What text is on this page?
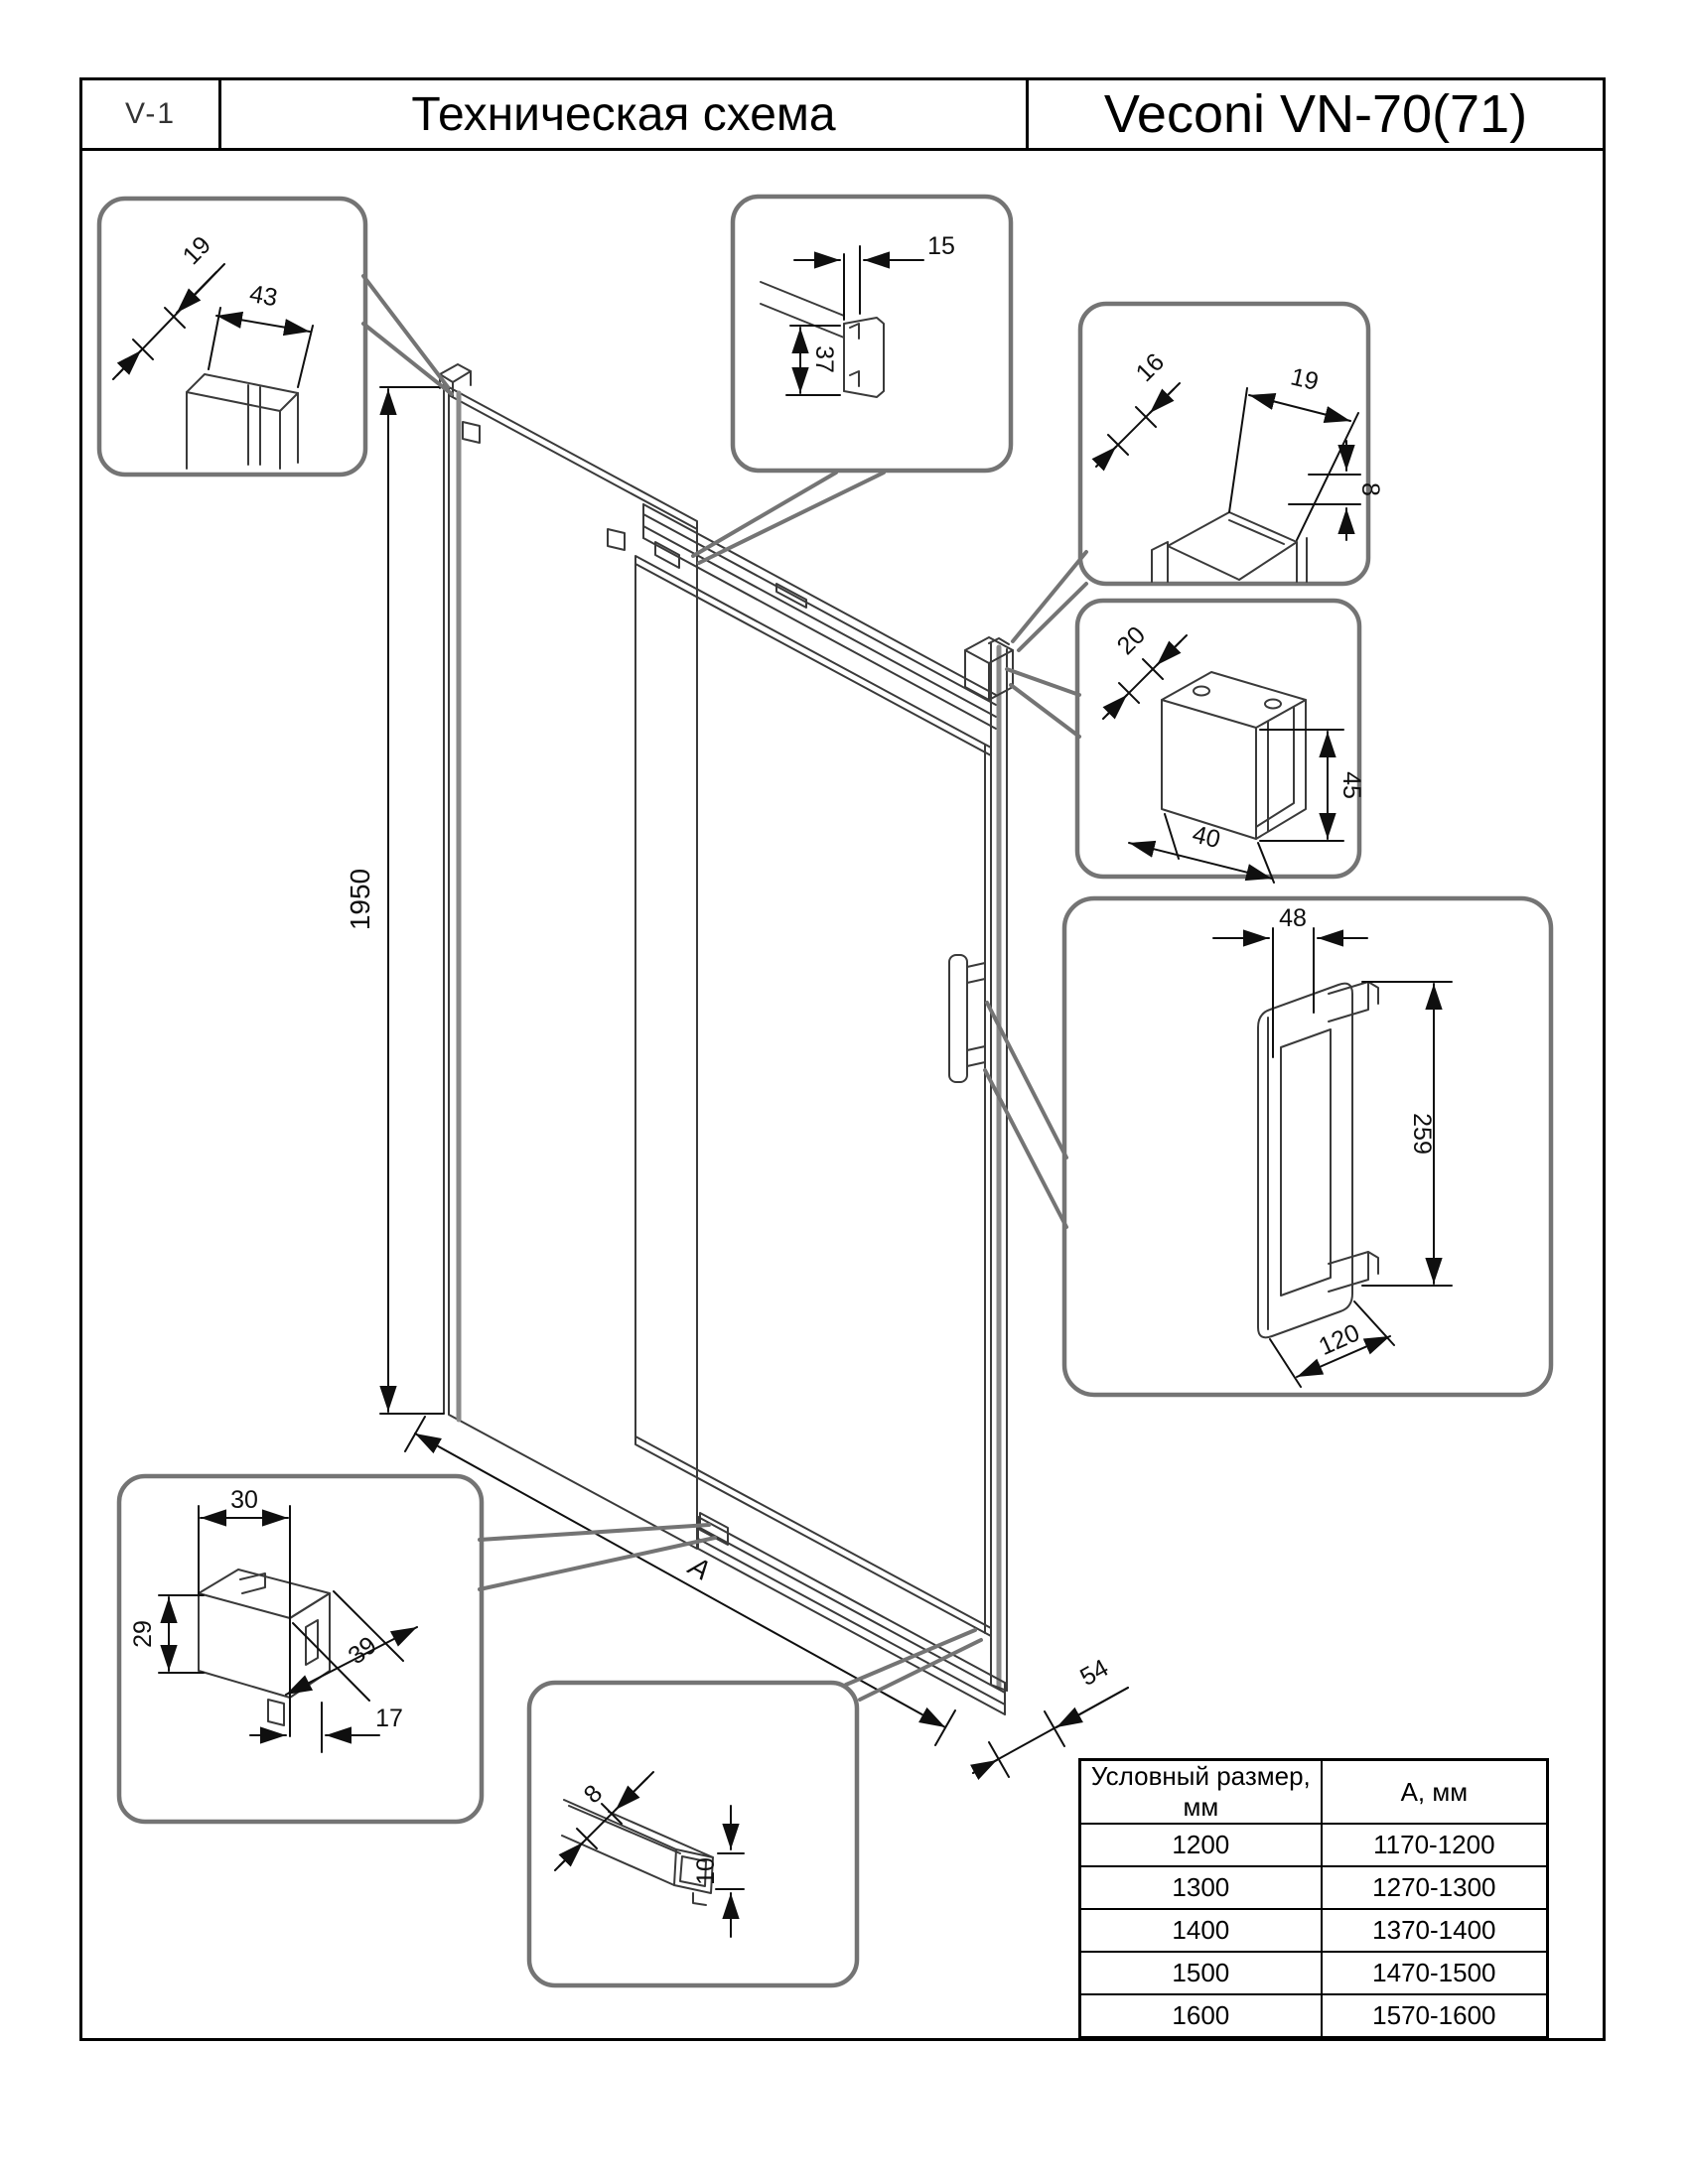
1950
A
54
19
43
15
37	16	19
8
20
45
40
48
259
120
30
29	39
17
8
10
V-1	Техническая схема	Veconi VN-70(71)
Условный размер, мм	А, мм
1200	1170-1200
1300	1270-1300
1400	1370-1400
1500	1470-1500
1600	1570-1600
